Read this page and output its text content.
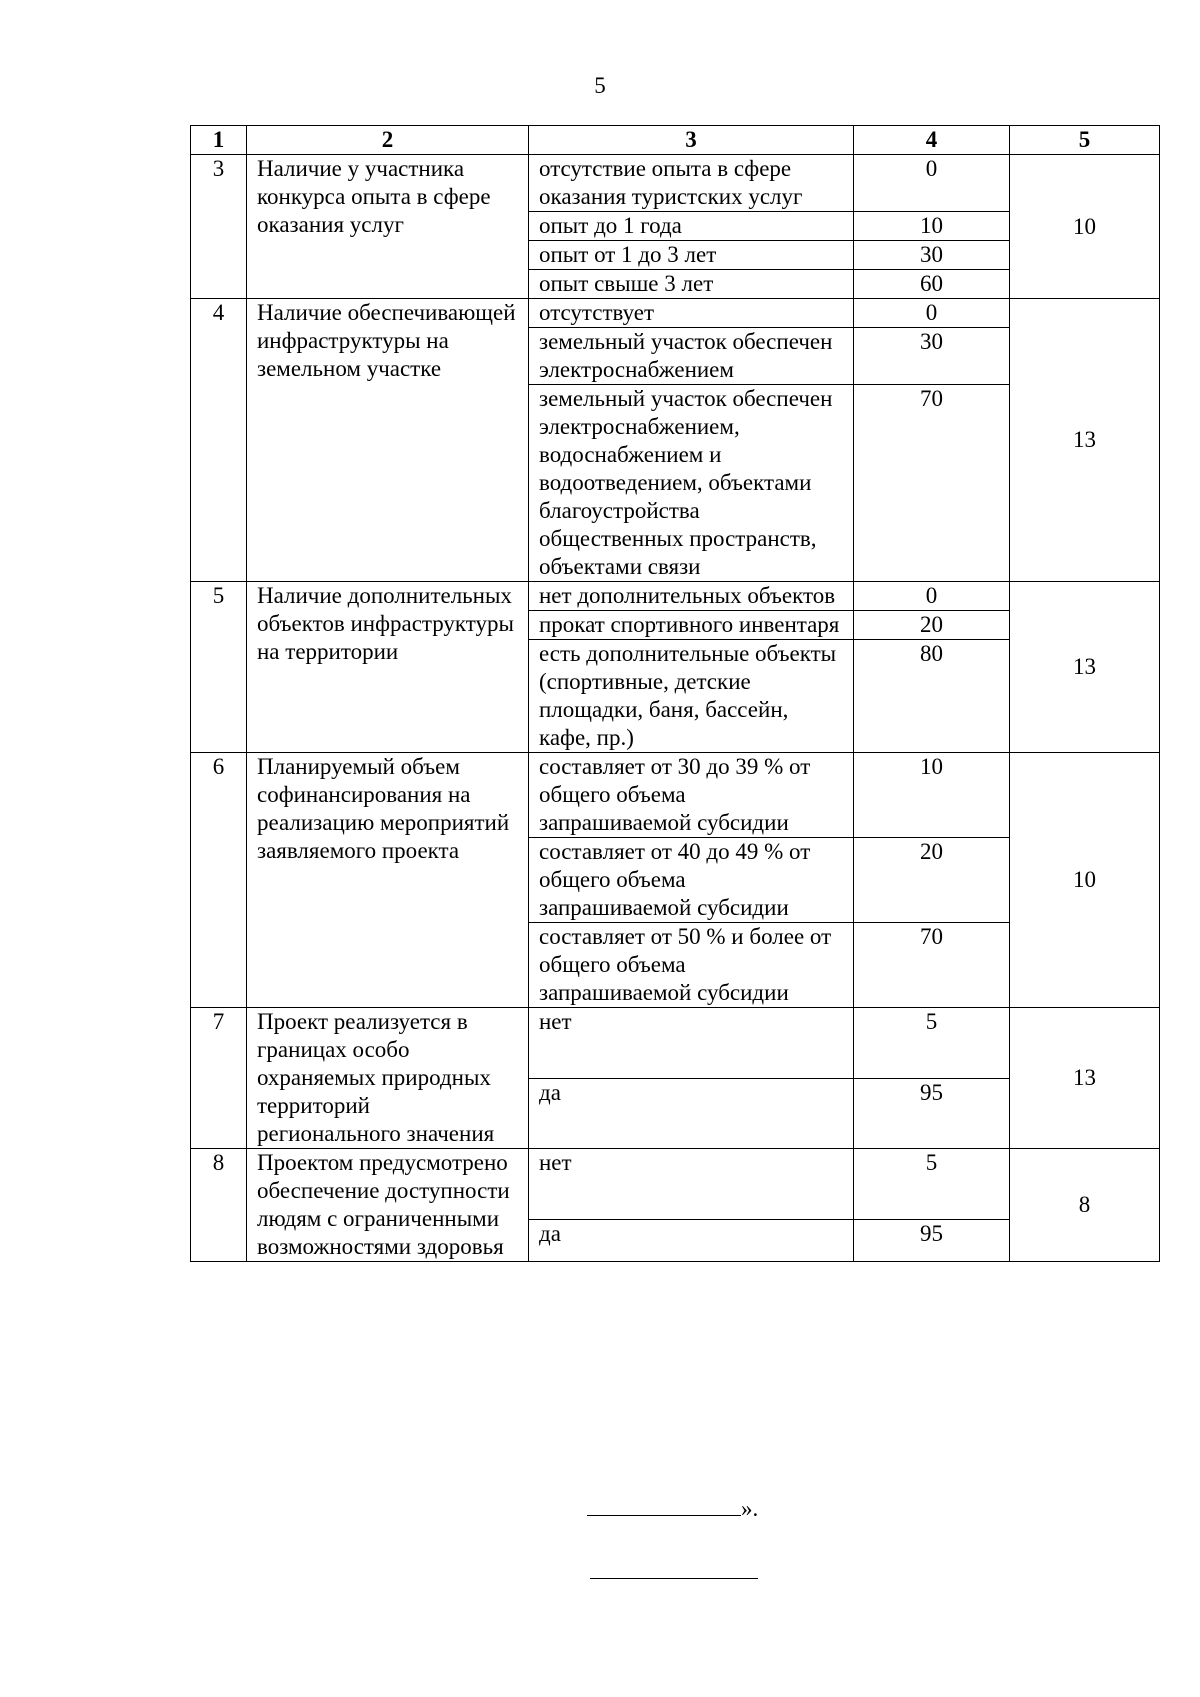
5
1	2	3	4	5
3	Наличие у участника конкурса опыта в сфере оказания услуг	отсутствие опыта в сфере оказания туристских услуг	0	10
		опыт до 1 года	10	
		опыт от 1 до 3 лет	30	
		опыт свыше 3 лет	60	
4	Наличие обеспечивающей инфраструктуры на земельном участке	отсутствует	0	13
		земельный участок обеспечен электроснабжением	30	
		земельный участок обеспечен электроснабжением, водоснабжением и водоотведением, объектами благоустройства общественных пространств, объектами связи	70	
5	Наличие дополнительных объектов инфраструктуры на территории	нет дополнительных объектов	0	13
		прокат спортивного инвентаря	20	
		есть дополнительные объекты (спортивные, детские площадки, баня, бассейн, кафе, пр.)	80	
6	Планируемый объем софинансирования на реализацию мероприятий заявляемого проекта	составляет от 30 до 39 % от общего объема запрашиваемой субсидии	10	10
		составляет от 40 до 49 % от общего объема запрашиваемой субсидии	20	
		составляет от 50 % и более от общего объема запрашиваемой субсидии	70	
7	Проект реализуется в границах особо охраняемых природных территорий регионального значения	нет	5	13
		да	95	
8	Проектом предусмотрено обеспечение доступности людям с ограниченными возможностями здоровья	нет	5	8
		да	95	
».
